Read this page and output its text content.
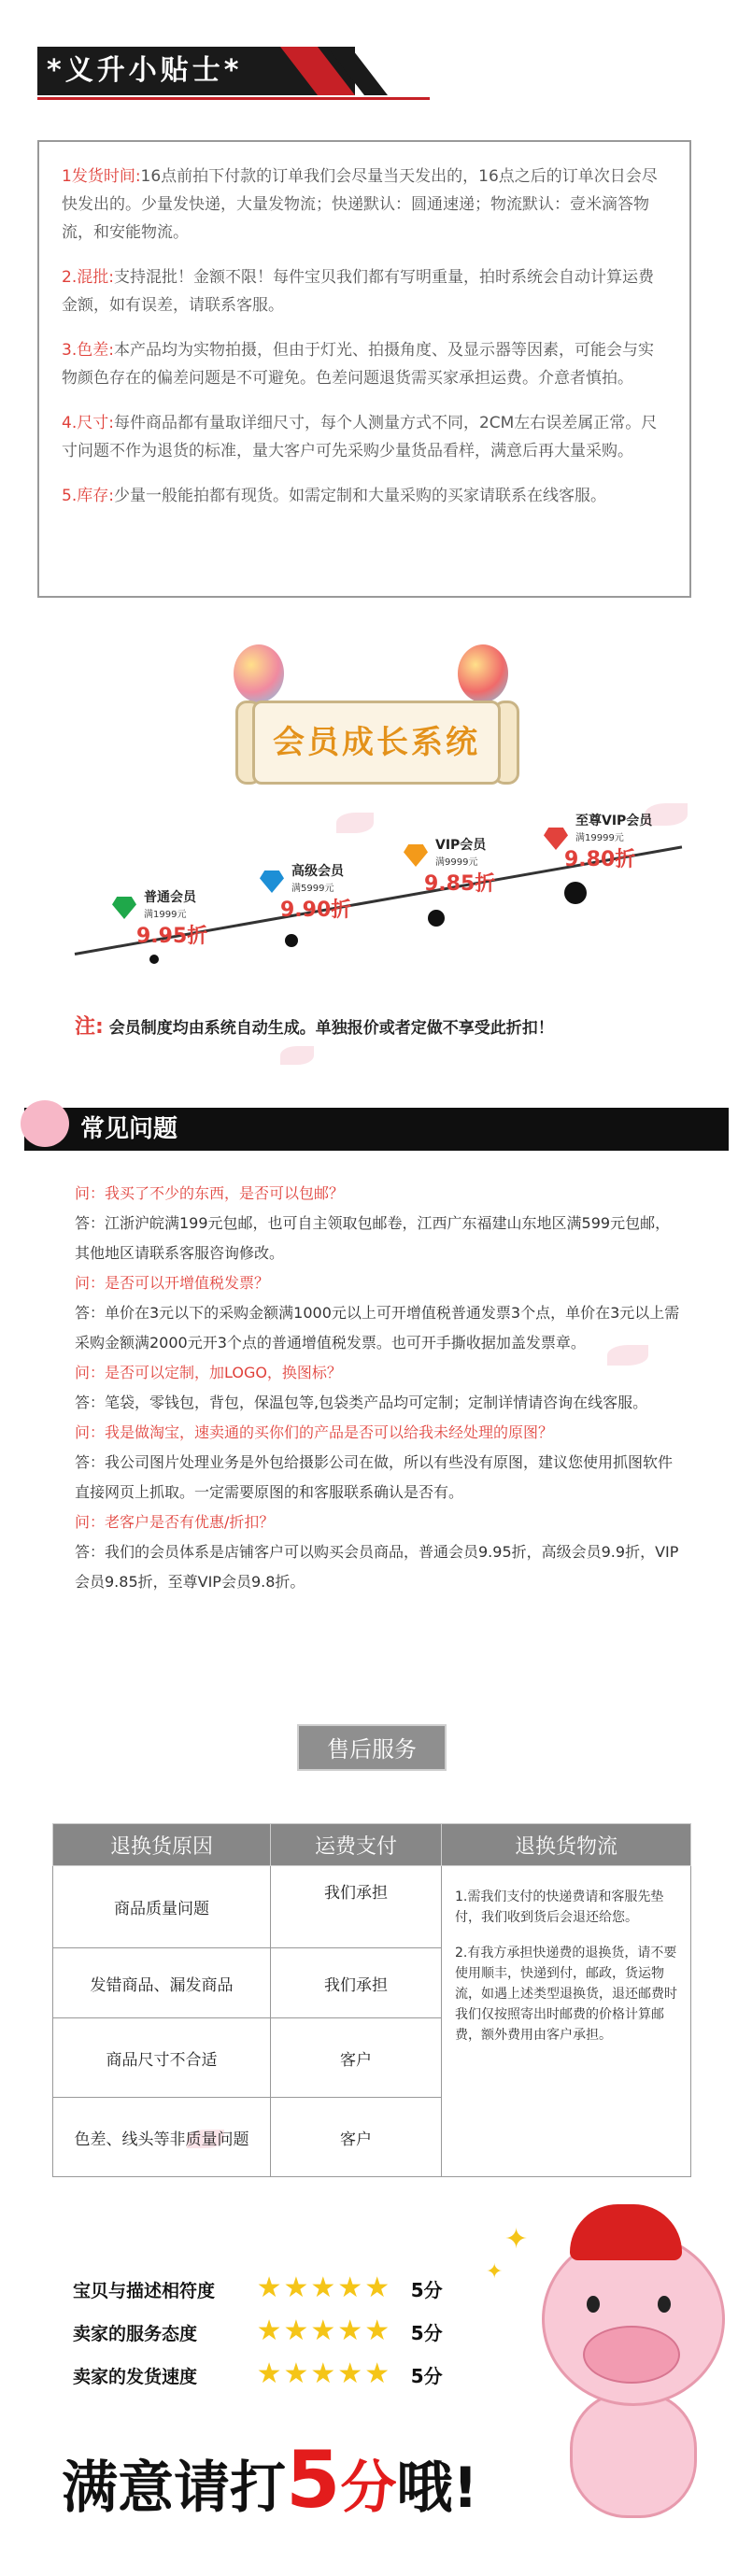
*义升小贴士*
1发货时间:16点前拍下付款的订单我们会尽量当天发出的，16点之后的订单次日会尽快发出的。少量发快递，大量发物流；快递默认：圆通速递；物流默认：壹米滴答物流，和安能物流。
2.混批:支持混批！金额不限！每件宝贝我们都有写明重量，拍时系统会自动计算运费金额，如有误差，请联系客服。
3.色差:本产品均为实物拍摄，但由于灯光、拍摄角度、及显示器等因素，可能会与实物颜色存在的偏差问题是不可避免。色差问题退货需买家承担运费。介意者慎拍。
4.尺寸:每件商品都有量取详细尺寸，每个人测量方式不同，2CM左右误差属正常。尺寸问题不作为退货的标准，量大客户可先采购少量货品看样，满意后再大量采购。
5.库存:少量一般能拍都有现货。如需定制和大量采购的买家请联系在线客服。
会员成长系统
普通会员
满1999元
9.95折
高级会员
满5999元
9.90折
VIP会员
满9999元
9.85折
至尊VIP会员
满19999元
9.80折
注: 会员制度均由系统自动生成。单独报价或者定做不享受此折扣！
常见问题
问：我买了不少的东西，是否可以包邮？
答：江浙沪皖满199元包邮，也可自主领取包邮卷，江西广东福建山东地区满599元包邮，其他地区请联系客服咨询修改。
问：是否可以开增值税发票？
答：单价在3元以下的采购金额满1000元以上可开增值税普通发票3个点，单价在3元以上需采购金额满2000元开3个点的普通增值税发票。也可开手撕收据加盖发票章。
问：是否可以定制，加LOGO，换图标？
答：笔袋，零钱包，背包，保温包等,包袋类产品均可定制；定制详情请咨询在线客服。
问：我是做淘宝，速卖通的买你们的产品是否可以给我未经处理的原图？
答：我公司图片处理业务是外包给摄影公司在做，所以有些没有原图，建议您使用抓图软件直接网页上抓取。一定需要原图的和客服联系确认是否有。
问：老客户是否有优惠/折扣？
答：我们的会员体系是店铺客户可以购买会员商品，普通会员9.95折，高级会员9.9折，VIP会员9.85折，至尊VIP会员9.8折。
售后服务
退换货原因	运费支付	退换货物流
商品质量问题	我们承担	1.需我们支付的快递费请和客服先垫付，我们收到货后会退还给您。
2.有我方承担快递费的退换货，请不要使用顺丰，快递到付，邮政，货运物流，如遇上述类型退换货，退还邮费时我们仅按照寄出时邮费的价格计算邮费，额外费用由客户承担。

发错商品、漏发商品	我们承担	
商品尺寸不合适	客户	
色差、线头等非质量问题	客户	
宝贝与描述相符度 ★★★★★ 5分
卖家的服务态度 ★★★★★ 5分
卖家的发货速度 ★★★★★ 5分
满意请打5分哦!
✦
✦
